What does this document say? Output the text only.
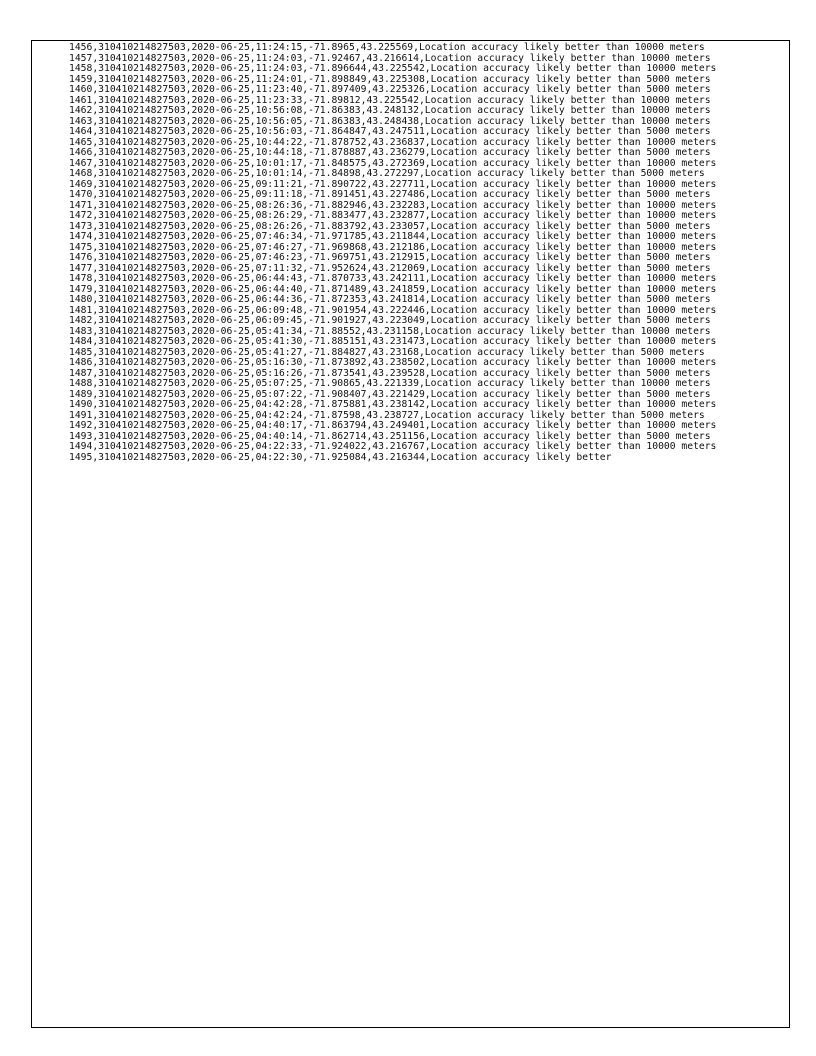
1456,310410214827503,2020-06-25,11:24:15,-71.8965,43.225569,Location accuracy likely better than 10000 meters
1457,310410214827503,2020-06-25,11:24:03,-71.92467,43.216614,Location accuracy likely better than 10000 meters
1458,310410214827503,2020-06-25,11:24:03,-71.896644,43.225542,Location accuracy likely better than 10000 meters
1459,310410214827503,2020-06-25,11:24:01,-71.898849,43.225308,Location accuracy likely better than 5000 meters
1460,310410214827503,2020-06-25,11:23:40,-71.897409,43.225326,Location accuracy likely better than 5000 meters
1461,310410214827503,2020-06-25,11:23:33,-71.89812,43.225542,Location accuracy likely better than 10000 meters
1462,310410214827503,2020-06-25,10:56:08,-71.86383,43.248132,Location accuracy likely better than 10000 meters
1463,310410214827503,2020-06-25,10:56:05,-71.86383,43.248438,Location accuracy likely better than 10000 meters
1464,310410214827503,2020-06-25,10:56:03,-71.864847,43.247511,Location accuracy likely better than 5000 meters
1465,310410214827503,2020-06-25,10:44:22,-71.878752,43.236837,Location accuracy likely better than 10000 meters
1466,310410214827503,2020-06-25,10:44:18,-71.878887,43.236279,Location accuracy likely better than 5000 meters
1467,310410214827503,2020-06-25,10:01:17,-71.848575,43.272369,Location accuracy likely better than 10000 meters
1468,310410214827503,2020-06-25,10:01:14,-71.84898,43.272297,Location accuracy likely better than 5000 meters
1469,310410214827503,2020-06-25,09:11:21,-71.890722,43.227711,Location accuracy likely better than 10000 meters
1470,310410214827503,2020-06-25,09:11:18,-71.891451,43.227486,Location accuracy likely better than 5000 meters
1471,310410214827503,2020-06-25,08:26:36,-71.882946,43.232283,Location accuracy likely better than 10000 meters
1472,310410214827503,2020-06-25,08:26:29,-71.883477,43.232877,Location accuracy likely better than 10000 meters
1473,310410214827503,2020-06-25,08:26:26,-71.883792,43.233057,Location accuracy likely better than 5000 meters
1474,310410214827503,2020-06-25,07:46:34,-71.971785,43.211844,Location accuracy likely better than 10000 meters
1475,310410214827503,2020-06-25,07:46:27,-71.969868,43.212186,Location accuracy likely better than 10000 meters
1476,310410214827503,2020-06-25,07:46:23,-71.969751,43.212915,Location accuracy likely better than 5000 meters
1477,310410214827503,2020-06-25,07:11:32,-71.952624,43.212069,Location accuracy likely better than 5000 meters
1478,310410214827503,2020-06-25,06:44:43,-71.870733,43.242111,Location accuracy likely better than 10000 meters
1479,310410214827503,2020-06-25,06:44:40,-71.871489,43.241859,Location accuracy likely better than 10000 meters
1480,310410214827503,2020-06-25,06:44:36,-71.872353,43.241814,Location accuracy likely better than 5000 meters
1481,310410214827503,2020-06-25,06:09:48,-71.901954,43.222446,Location accuracy likely better than 10000 meters
1482,310410214827503,2020-06-25,06:09:45,-71.901927,43.223049,Location accuracy likely better than 5000 meters
1483,310410214827503,2020-06-25,05:41:34,-71.88552,43.231158,Location accuracy likely better than 10000 meters
1484,310410214827503,2020-06-25,05:41:30,-71.885151,43.231473,Location accuracy likely better than 10000 meters
1485,310410214827503,2020-06-25,05:41:27,-71.884827,43.23168,Location accuracy likely better than 5000 meters
1486,310410214827503,2020-06-25,05:16:30,-71.873892,43.238502,Location accuracy likely better than 10000 meters
1487,310410214827503,2020-06-25,05:16:26,-71.873541,43.239528,Location accuracy likely better than 5000 meters
1488,310410214827503,2020-06-25,05:07:25,-71.90865,43.221339,Location accuracy likely better than 10000 meters
1489,310410214827503,2020-06-25,05:07:22,-71.908407,43.221429,Location accuracy likely better than 5000 meters
1490,310410214827503,2020-06-25,04:42:28,-71.875881,43.238142,Location accuracy likely better than 10000 meters
1491,310410214827503,2020-06-25,04:42:24,-71.87598,43.238727,Location accuracy likely better than 5000 meters
1492,310410214827503,2020-06-25,04:40:17,-71.863794,43.249401,Location accuracy likely better than 10000 meters
1493,310410214827503,2020-06-25,04:40:14,-71.862714,43.251156,Location accuracy likely better than 5000 meters
1494,310410214827503,2020-06-25,04:22:33,-71.924022,43.216767,Location accuracy likely better than 10000 meters
1495,310410214827503,2020-06-25,04:22:30,-71.925084,43.216344,Location accuracy likely better
